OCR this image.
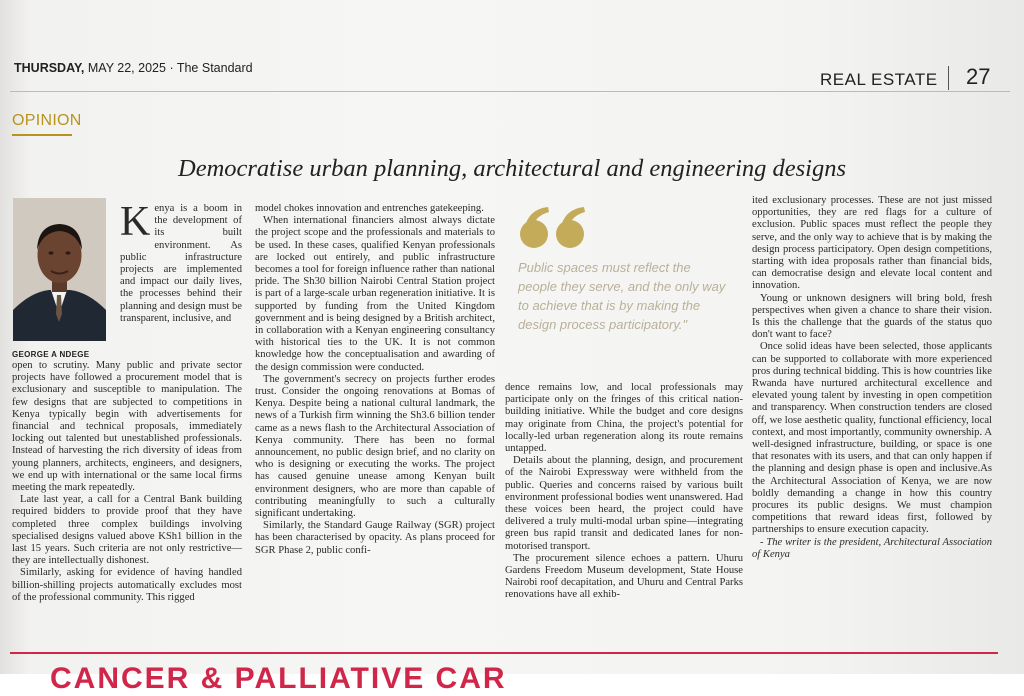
THURSDAY, MAY 22, 2025 · The Standard
REAL ESTATE 27
OPINION
Democratise urban planning, architectural and engineering designs
GEORGE A NDEGE

Kenya is a boom in the development of its built environment. As public infrastructure projects are implemented and impact our daily lives, the processes behind their planning and design must be transparent, inclusive, and

open to scrutiny. Many public and private sector projects have followed a procurement model that is exclusionary and susceptible to manipulation. The few designs that are subjected to competitions in Kenya typically begin with advertisements for financial and technical proposals, immediately locking out talented but unestablished professionals. Instead of harvesting the rich diversity of ideas from young planners, architects, engineers, and designers, we end up with international or the same local firms meeting the mark repeatedly.

Late last year, a call for a Central Bank building required bidders to provide proof that they have completed three complex buildings involving specialised designs valued above KSh1 billion in the last 15 years. Such criteria are not only restrictive—they are intellectually dishonest.

Similarly, asking for evidence of having handled billion-shilling projects automatically excludes most of the professional community. This rigged

model chokes innovation and entrenches gatekeeping.

When international financiers almost always dictate the project scope and the professionals and materials to be used. In these cases, qualified Kenyan professionals are locked out entirely, and public infrastructure becomes a tool for foreign influence rather than national pride. The Sh30 billion Nairobi Central Station project is part of a large-scale urban regeneration initiative. It is supported by funding from the United Kingdom government and is being designed by a British architect, in collaboration with a Kenyan engineering consultancy with historical ties to the UK. It is not common knowledge how the conceptualisation and awarding of the design commission were conducted.

The government's secrecy on projects further erodes trust. Consider the ongoing renovations at Bomas of Kenya. Despite being a national cultural landmark, the news of a Turkish firm winning the Sh3.6 billion tender came as a news flash to the Architectural Association of Kenya community. There has been no formal announcement, no public design brief, and no clarity on who is designing or executing the works. The project has caused genuine unease among Kenyan built environment designers, who are more than capable of contributing meaningfully to such a culturally significant undertaking.

Similarly, the Standard Gauge Railway (SGR) project has been characterised by opacity. As plans proceed for SGR Phase 2, public confi-

Public spaces must reflect the people they serve, and the only way to achieve that is by making the design process participatory."

dence remains low, and local professionals may participate only on the fringes of this critical nation-building initiative. While the budget and core designs may originate from China, the project's potential for locally-led urban regeneration along its route remains untapped.

Details about the planning, design, and procurement of the Nairobi Expressway were withheld from the public. Queries and concerns raised by various built environment professional bodies went unanswered. Had these voices been heard, the project could have delivered a truly multi-modal urban spine—integrating green bus rapid transit and dedicated lanes for non-motorised transport.

The procurement silence echoes a pattern. Uhuru Gardens Freedom Museum development, State House Nairobi roof decapitation, and Uhuru and Central Parks renovations have all exhib-

ited exclusionary processes. These are not just missed opportunities, they are red flags for a culture of exclusion. Public spaces must reflect the people they serve, and the only way to achieve that is by making the design process participatory. Open design competitions, starting with idea proposals rather than financial bids, can democratise design and elevate local content and innovation.

Young or unknown designers will bring bold, fresh perspectives when given a chance to share their vision. Is this the challenge that the guards of the status quo don't want to face?

Once solid ideas have been selected, those applicants can be supported to collaborate with more experienced pros during technical bidding. This is how countries like Rwanda have nurtured architectural excellence and elevated young talent by investing in open competition and transparency. When construction tenders are closed off, we lose aesthetic quality, functional efficiency, local context, and most importantly, community ownership. A well-designed infrastructure, building, or space is one that resonates with its users, and that can only happen if the planning and design phase is open and inclusive.As the Architectural Association of Kenya, we are now boldly demanding a change in how this country procures its public designs. We must champion competitions that reward ideas first, followed by partnerships to ensure execution capacity.

- The writer is the president, Architectural Association of Kenya

CANCER & PALLIATIVE CAR
